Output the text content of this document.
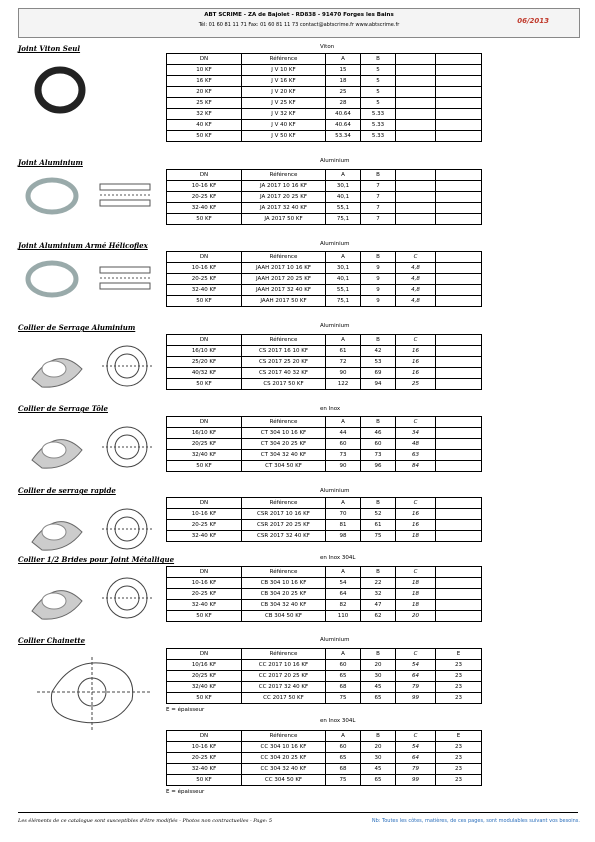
ABT SCRIME - ZA de Bajolet - RD838 - 91470 Forges les Bains
Tél: 01 60 81 11 71 Fax: 01 60 81 11 73 contact@abtscrime.fr www.abtscrime.fr	06/2013
Joint Viton Seul	Viton
DN	Référence	A	B		
10 KF	J V 10 KF	15	5		
16 KF	J V 16 KF	18	5		
20 KF	J V 20 KF	25	5		
25 KF	J V 25 KF	28	5		
32 KF	J V 32 KF	40.64	5.33		
40 KF	J V 40 KF	40.64	5.33		
50 KF	J V 50 KF	53.34	5.33		
Joint Aluminium	Aluminium
DN	Référence	A	B		
10-16 KF	JA 2017 10 16 KF	30,1	7		
20-25 KF	JA 2017 20 25 KF	40,1	7		
32-40 KF	JA 2017 32 40 KF	55,1	7		
50 KF	JA 2017 50 KF	75,1	7		
Joint Aluminium Armé Hélicoflex	Aluminium
DN	Référence	A	B	C	
10-16 KF	JAAH 2017 10 16 KF	30,1	9	4,8	
20-25 KF	JAAH 2017 20 25 KF	40,1	9	4,8	
32-40 KF	JAAH 2017 32 40 KF	55,1	9	4,8	
50 KF	JAAH 2017 50 KF	75,1	9	4,8	
Collier de Serrage Aluminium	Aluminium
DN	Référence	A	B	C	
16/10 KF	CS 2017 16 10 KF	61	42	16	
25/20 KF	CS 2017 25 20 KF	72	53	16	
40/32 KF	CS 2017 40 32 KF	90	69	16	
50 KF	CS 2017 50 KF	122	94	25	
Collier de Serrage Tôle	en Inox
DN	Référence	A	B	C	
16/10 KF	CT 304 10 16 KF	44	46	34	
20/25 KF	CT 304 20 25 KF	60	60	48	
32/40 KF	CT 304 32 40 KF	73	73	63	
50 KF	CT 304 50 KF	90	96	84	
Collier de serrage rapide	Aluminium
DN	Référence	A	B	C	
10-16 KF	CSR 2017 10 16 KF	70	52	16	
20-25 KF	CSR 2017 20 25 KF	81	61	16	
32-40 KF	CSR 2017 32 40 KF	98	75	18	
Collier 1/2 Brides pour Joint Métallique	en Inox 304L
DN	Référence	A	B	C	
10-16 KF	CB 304 10 16 KF	54	22	18	
20-25 KF	CB 304 20 25 KF	64	32	18	
32-40 KF	CB 304 32 40 KF	82	47	18	
50 KF	CB 304 50 KF	110	62	20	
Collier Chainette	Aluminium
DN	Référence	A	B	C	E
10/16 KF	CC 2017 10 16 KF	60	20	54	23
20/25 KF	CC 2017 20 25 KF	65	30	64	23
32/40 KF	CC 2017 32 40 KF	68	45	79	23
50 KF	CC 2017 50 KF	75	65	99	23
E = épaisseur
en Inox 304L
DN	Référence	A	B	C	E
10-16 KF	CC 304 10 16 KF	60	20	54	23
20-25 KF	CC 304 20 25 KF	65	30	64	23
32-40 KF	CC 304 32 40 KF	68	45	79	23
50 KF	CC 304 50 KF	75	65	99	23
E = épaisseur
Les éléments de ce catalogue sont susceptibles d'être modifiés - Photos non contractuelles - Page: 5	Nb: Toutes les côtes, matières, de ces pages, sont modulables suivant vos besoins.
